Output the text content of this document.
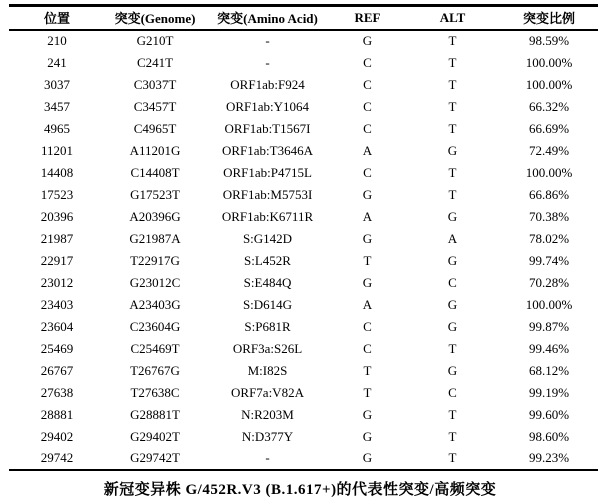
位置	突变(Genome)	突变(Amino Acid)	REF	ALT	突变比例
210	G210T	-	G	T	98.59%
241	C241T	-	C	T	100.00%
3037	C3037T	ORF1ab:F924	C	T	100.00%
3457	C3457T	ORF1ab:Y1064	C	T	66.32%
4965	C4965T	ORF1ab:T1567I	C	T	66.69%
11201	A11201G	ORF1ab:T3646A	A	G	72.49%
14408	C14408T	ORF1ab:P4715L	C	T	100.00%
17523	G17523T	ORF1ab:M5753I	G	T	66.86%
20396	A20396G	ORF1ab:K6711R	A	G	70.38%
21987	G21987A	S:G142D	G	A	78.02%
22917	T22917G	S:L452R	T	G	99.74%
23012	G23012C	S:E484Q	G	C	70.28%
23403	A23403G	S:D614G	A	G	100.00%
23604	C23604G	S:P681R	C	G	99.87%
25469	C25469T	ORF3a:S26L	C	T	99.46%
26767	T26767G	M:I82S	T	G	68.12%
27638	T27638C	ORF7a:V82A	T	C	99.19%
28881	G28881T	N:R203M	G	T	99.60%
29402	G29402T	N:D377Y	G	T	98.60%
29742	G29742T	-	G	T	99.23%
新冠变异株 G/452R.V3 (B.1.617+)的代表性突变/高频突变
